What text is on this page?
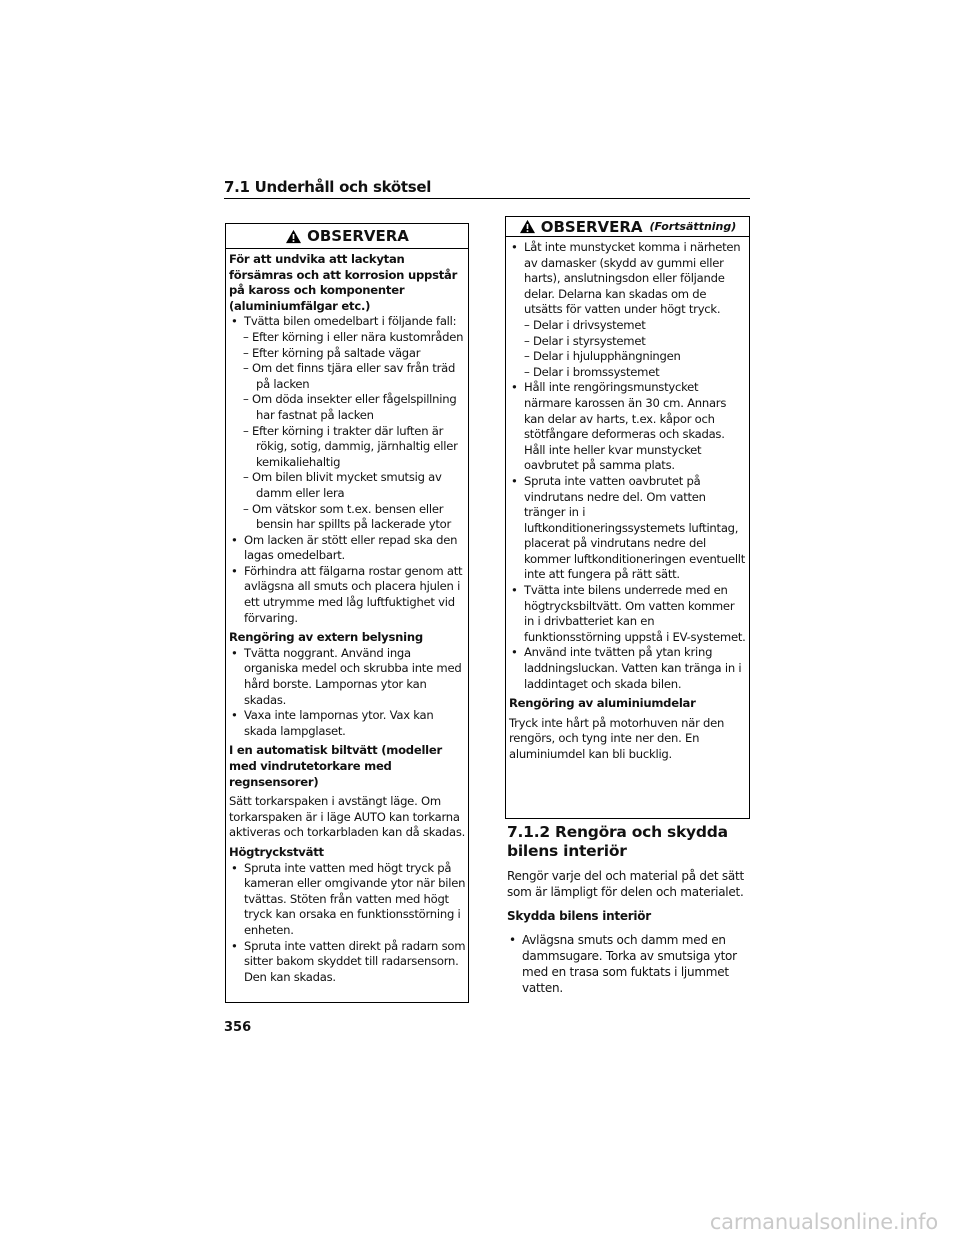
7.1 Underhåll och skötsel
OBSERVERA

För att undvika att lackytan försämras och att korrosion uppstår på kaross och komponenter (aluminiumfälgar etc.)

• Tvätta bilen omedelbart i följande fall:

– Efter körning i eller nära kustområden

– Efter körning på saltade vägar

– Om det finns tjära eller sav från träd på lacken

– Om döda insekter eller fågelspillning har fastnat på lacken

– Efter körning i trakter där luften är rökig, sotig, dammig, järnhaltig eller kemikaliehaltig

– Om bilen blivit mycket smutsig av damm eller lera

– Om vätskor som t.ex. bensen eller bensin har spillts på lackerade ytor

• Om lacken är stött eller repad ska den lagas omedelbart.

• Förhindra att fälgarna rostar genom att avlägsna all smuts och placera hjulen i ett utrymme med låg luftfuktighet vid förvaring.

Rengöring av extern belysning

• Tvätta noggrant. Använd inga organiska medel och skrubba inte med hård borste. Lampornas ytor kan skadas.

• Vaxa inte lampornas ytor. Vax kan skada lampglaset.

I en automatisk biltvätt (modeller med vindrutetorkare med regnsensorer)

Sätt torkarspaken i avstängt läge. Om torkarspaken är i läge AUTO kan torkarna aktiveras och torkarbladen kan då skadas.

Högtryckstvätt

• Spruta inte vatten med högt tryck på kameran eller omgivande ytor när bilen tvättas. Stöten från vatten med högt tryck kan orsaka en funktionsstörning i enheten.

• Spruta inte vatten direkt på radarn som sitter bakom skyddet till radarsensorn. Den kan skadas.

OBSERVERA (Fortsättning)

• Låt inte munstycket komma i närheten av damasker (skydd av gummi eller harts), anslutningsdon eller följande delar. Delarna kan skadas om de utsätts för vatten under högt tryck.

– Delar i drivsystemet

– Delar i styrsystemet

– Delar i hjulupphängningen

– Delar i bromssystemet

• Håll inte rengöringsmunstycket närmare karossen än 30 cm. Annars kan delar av harts, t.ex. kåpor och stötfångare deformeras och skadas. Håll inte heller kvar munstycket oavbrutet på samma plats.

• Spruta inte vatten oavbrutet på vindrutans nedre del. Om vatten tränger in i luftkonditioneringssystemets luftintag, placerat på vindrutans nedre del kommer luftkonditioneringen eventuellt inte att fungera på rätt sätt.

• Tvätta inte bilens underrede med en högtrycksbiltvätt. Om vatten kommer in i drivbatteriet kan en funktionsstörning uppstå i EV-systemet.

• Använd inte tvätten på ytan kring laddningsluckan. Vatten kan tränga in i laddintaget och skada bilen.

Rengöring av aluminiumdelar

Tryck inte hårt på motorhuven när den rengörs, och tyng inte ner den. En aluminiumdel kan bli bucklig.

7.1.2 Rengöra och skydda bilens interiör
Rengör varje del och material på det sätt som är lämpligt för delen och materialet.
Skydda bilens interiör

• Avlägsna smuts och damm med en dammsugare. Torka av smutsiga ytor med en trasa som fuktats i ljummet vatten.

356
carmanualsonline.info
